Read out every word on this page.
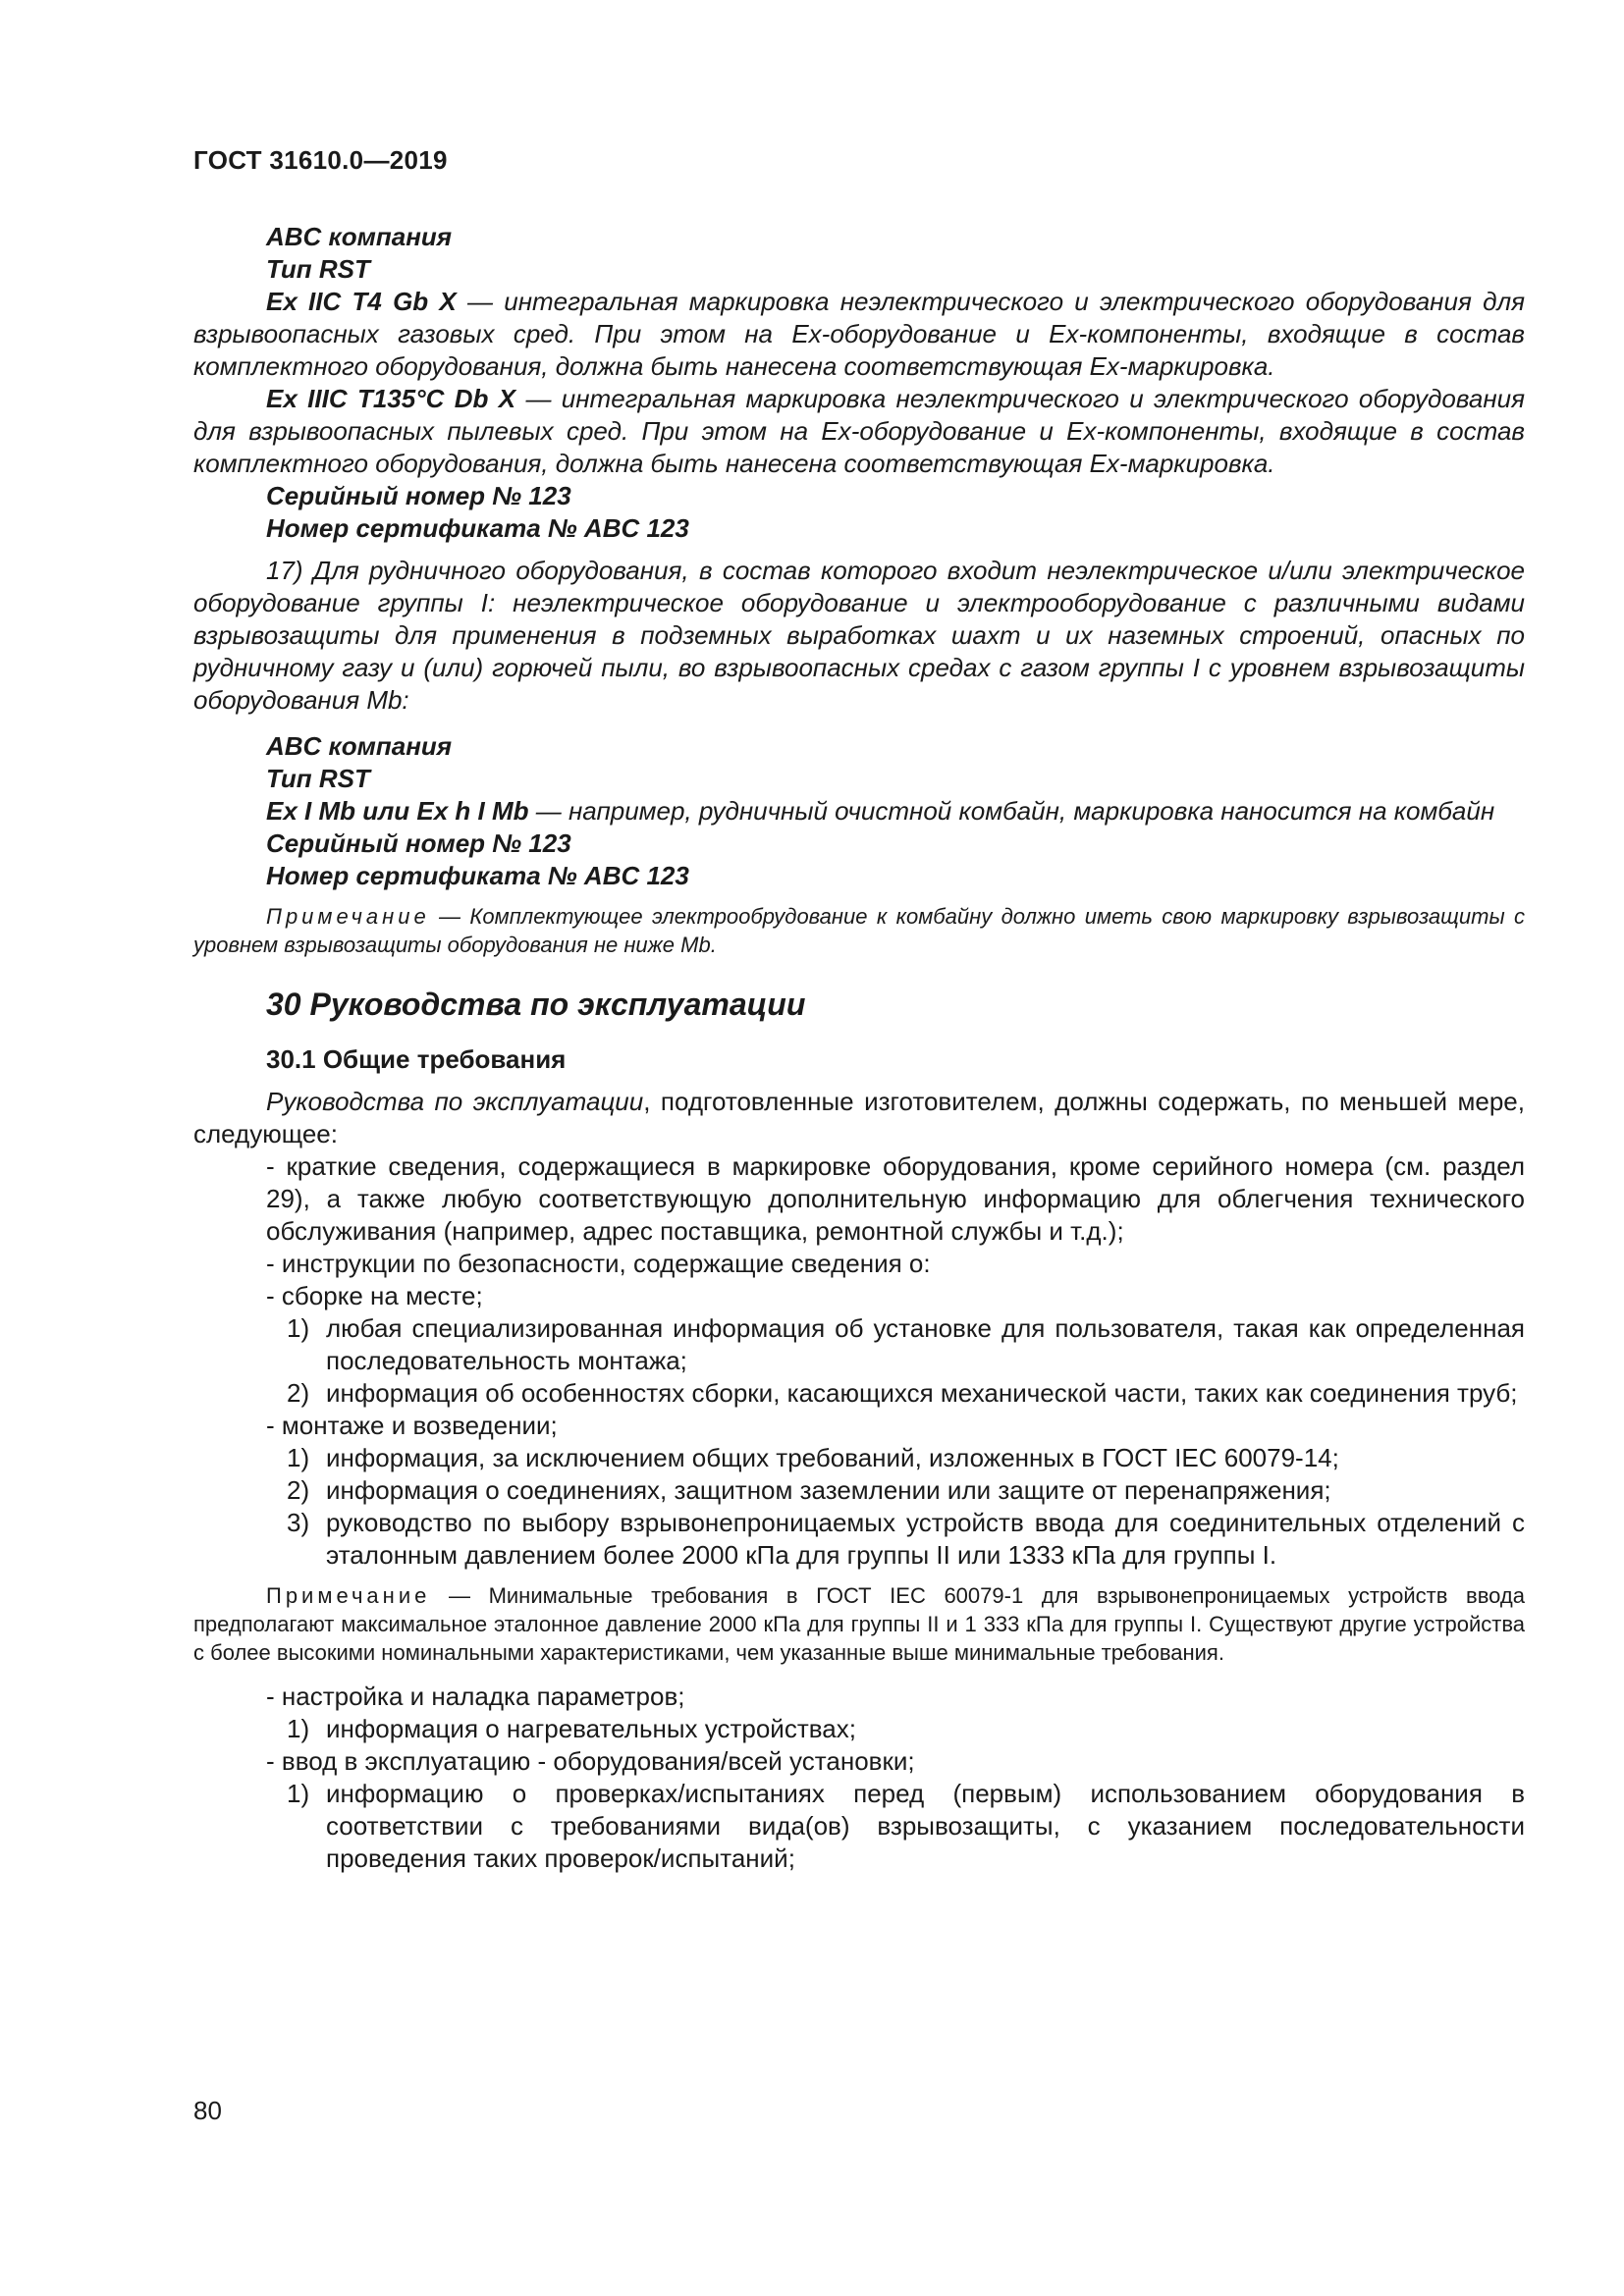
ГОСТ 31610.0—2019

ABC компания

Тип RST

Ex IIC T4 Gb X — интегральная маркировка неэлектрического и электрического оборудования для взрывоопасных газовых сред. При этом на Ex-оборудование и Ex-компоненты, входящие в состав комплектного оборудования, должна быть нанесена соответствующая Ex-маркировка.

Ex IIIC T135°C Db X — интегральная маркировка неэлектрического и электрического оборудования для взрывоопасных пылевых сред. При этом на Ex-оборудование и Ex-компоненты, входящие в состав комплектного оборудования, должна быть нанесена соответствующая Ex-маркировка.

Серийный номер № 123

Номер сертификата № ABC 123

17) Для рудничного оборудования, в состав которого входит неэлектрическое и/или электрическое оборудование группы I: неэлектрическое оборудование и электрооборудование с различными видами взрывозащиты для применения в подземных выработках шахт и их наземных строений, опасных по рудничному газу и (или) горючей пыли, во взрывоопасных средах с газом группы I с уровнем взрывозащиты оборудования Mb:

ABC компания

Тип RST

Ex I Mb или Ex h I Mb — например, рудничный очистной комбайн, маркировка наносится на комбайн

Серийный номер № 123

Номер сертификата № ABC 123

Примечание — Комплектующее электрообрудование к комбайну должно иметь свою маркировку взрывозащиты с уровнем взрывозащиты оборудования не ниже Mb.

30 Руководства по эксплуатации

30.1 Общие требования

Руководства по эксплуатации, подготовленные изготовителем, должны содержать, по меньшей мере, следующее:

- краткие сведения, содержащиеся в маркировке оборудования, кроме серийного номера (см. раздел 29), а также любую соответствующую дополнительную информацию для облегчения технического обслуживания (например, адрес поставщика, ремонтной службы и т.д.);

- инструкции по безопасности, содержащие сведения о:

- сборке на месте;

1) любая специализированная информация об установке для пользователя, такая как определенная последовательность монтажа;

2) информация об особенностях сборки, касающихся механической части, таких как соединения труб;

- монтаже и возведении;

1) информация, за исключением общих требований, изложенных в ГОСТ IEC 60079-14;

2) информация о соединениях, защитном заземлении или защите от перенапряжения;

3) руководство по выбору взрывонепроницаемых устройств ввода для соединительных отделений с эталонным давлением более 2000 кПа для группы II или 1333 кПа для группы I.

Примечание — Минимальные требования в ГОСТ IEC 60079-1 для взрывонепроницаемых устройств ввода предполагают максимальное эталонное давление 2000 кПа для группы II и 1 333 кПа для группы I. Существуют другие устройства с более высокими номинальными характеристиками, чем указанные выше минимальные требования.

- настройка и наладка параметров;

1) информация о нагревательных устройствах;

- ввод в эксплуатацию - оборудования/всей установки;

1) информацию о проверках/испытаниях перед (первым) использованием оборудования в соответствии с требованиями вида(ов) взрывозащиты, с указанием последовательности проведения таких проверок/испытаний;

80
